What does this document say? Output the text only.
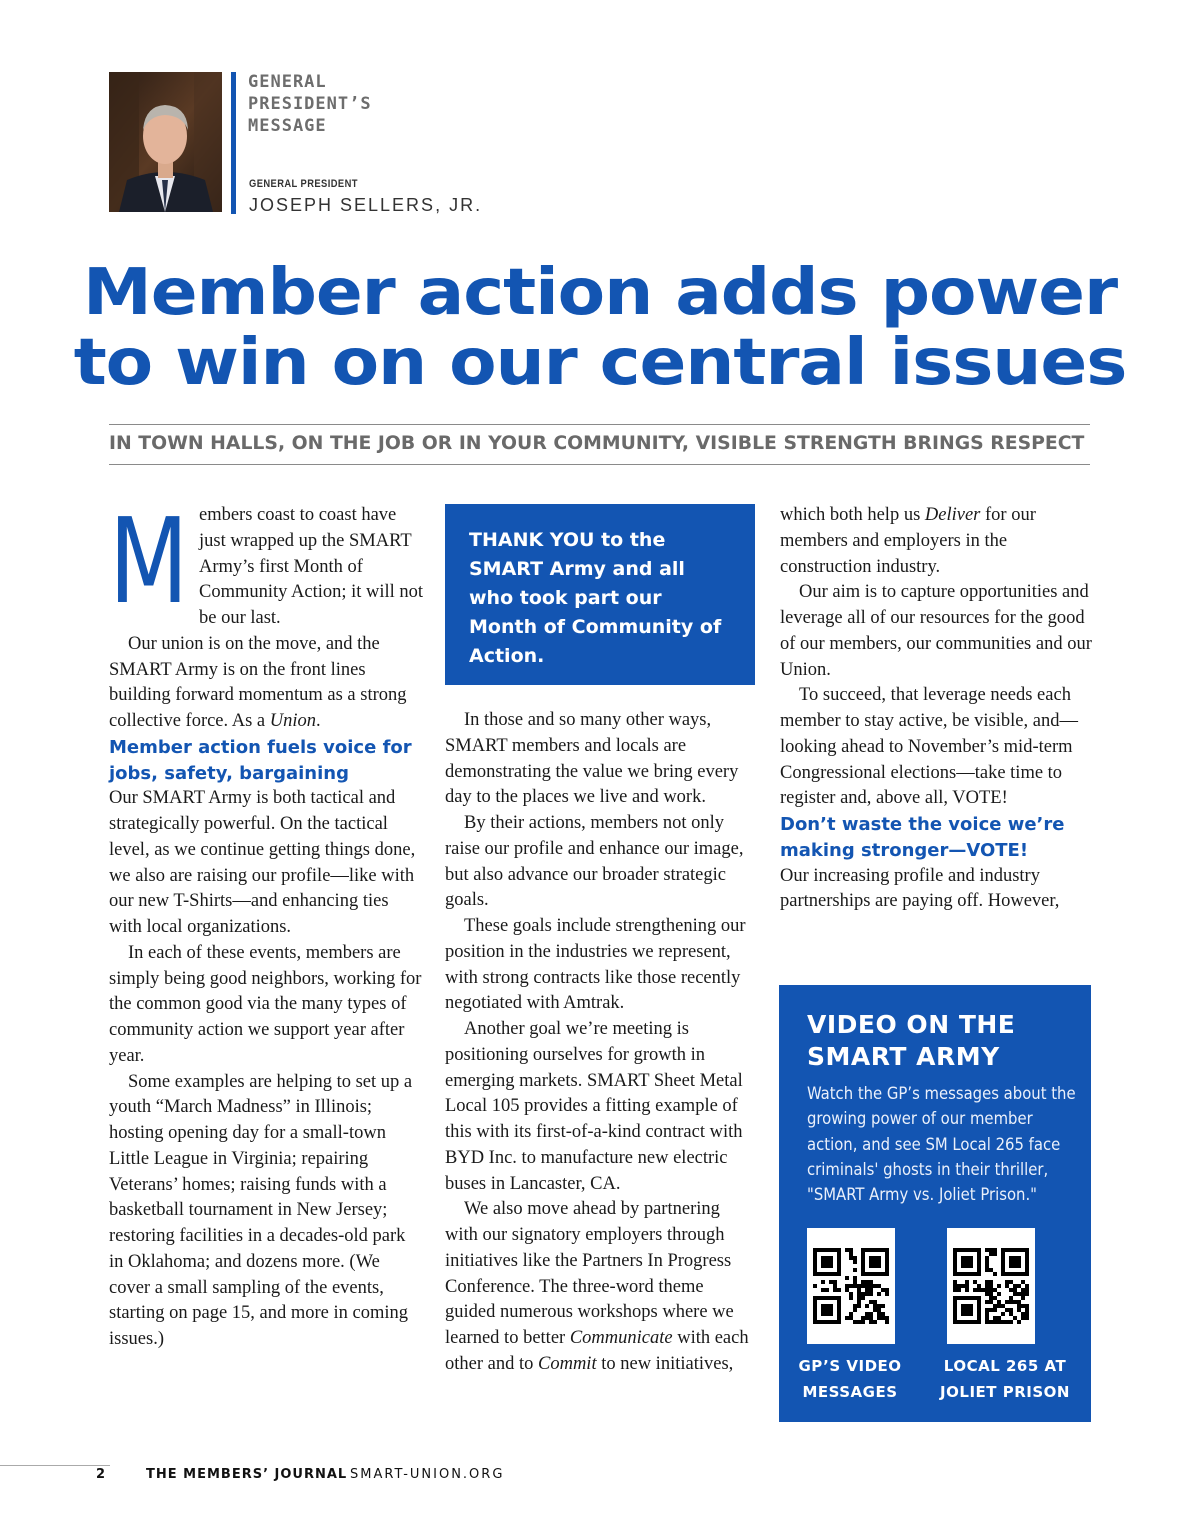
GENERAL
PRESIDENT’S
MESSAGE
GENERAL PRESIDENT
JOSEPH SELLERS, JR.
Member action adds power
to win on our central issues
IN TOWN HALLS, ON THE JOB OR IN YOUR COMMUNITY, VISIBLE STRENGTH BRINGS RESPECT
M embers coast to coast have just wrapped up the SMART Army’s first Month of Community Action; it will not be our last.

Our union is on the move, and the SMART Army is on the front lines building forward momentum as a strong collective force. As a Union.

Member action fuels voice for jobs, safety, bargaining

Our SMART Army is both tactical and strategically powerful. On the tactical level, as we continue getting things done, we also are raising our profile—like with our new T-Shirts—and enhancing ties with local organizations.

In each of these events, members are simply being good neighbors, working for the common good via the many types of community action we support year after year.

Some examples are helping to set up a youth “March Madness” in Illinois; hosting opening day for a small-town Little League in Virginia; repairing Veterans’ homes; raising funds with a basketball tournament in New Jersey; restoring facilities in a decades-old park in Oklahoma; and dozens more. (We cover a small sampling of the events, starting on page 15, and more in coming issues.)

THANK YOU to the SMART Army and all who took part our Month of Community of Action.

In those and so many other ways, SMART members and locals are demonstrating the value we bring every day to the places we live and work.

By their actions, members not only raise our profile and enhance our image, but also advance our broader strategic goals.

These goals include strengthening our position in the industries we represent, with strong contracts like those recently negotiated with Amtrak.

Another goal we’re meeting is positioning ourselves for growth in emerging markets. SMART Sheet Metal Local 105 provides a fitting example of this with its first-of-a-kind contract with BYD Inc. to manufacture new electric buses in Lancaster, CA.

We also move ahead by partnering with our signatory employers through initiatives like the Partners In Progress Conference. The three-word theme guided numerous workshops where we learned to better Communicate with each other and to Commit to new initiatives,

which both help us Deliver for our members and employers in the construction industry.

Our aim is to capture opportunities and leverage all of our resources for the good of our members, our communities and our Union.

To succeed, that leverage needs each member to stay active, be visible, and—looking ahead to November’s mid-term Congressional elections—take time to register and, above all, VOTE!

Don’t waste the voice we’re making stronger—VOTE!

Our increasing profile and industry partnerships are paying off. However,

VIDEO ON THE
SMART ARMY
Watch the GP’s messages about the growing power of our member action, and see SM Local 265 face criminals' ghosts in their thriller, "SMART Army vs. Joliet Prison."
GP’S VIDEO
MESSAGES
LOCAL 265 AT
JOLIET PRISON
2	THE MEMBERS’ JOURNAL SMART-UNION.ORG
